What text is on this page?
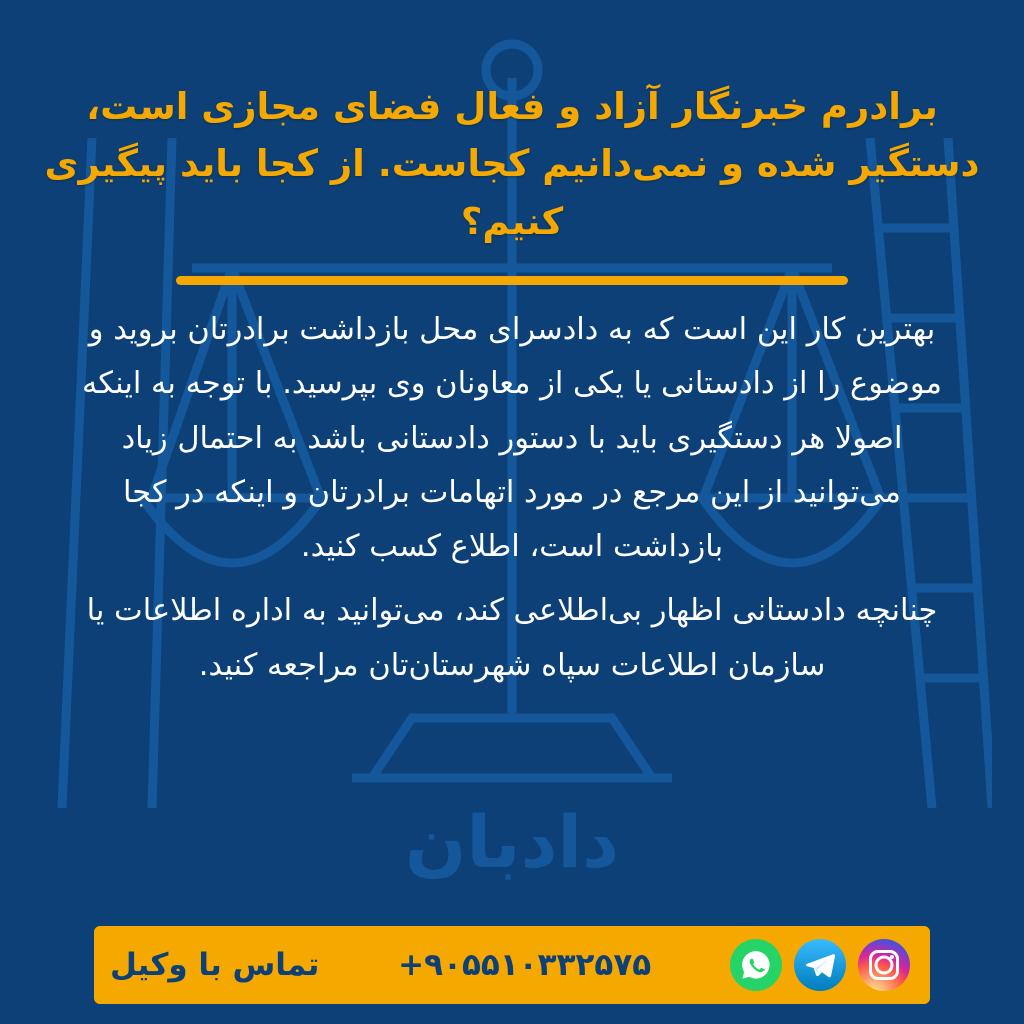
دادبان
برادرم خبرنگار آزاد و فعال فضای مجازی است، دستگیر شده و نمی‌دانیم کجاست. از کجا باید پیگیری کنیم؟

بهترین کار این است که به دادسرای محل بازداشت برادرتان بروید و موضوع را از دادستانی یا یکی از معاونان وی بپرسید. با توجه به اینکه اصولا هر دستگیری باید با دستور دادستانی باشد به احتمال زیاد می‌توانید از این مرجع در مورد اتهامات برادرتان و اینکه در کجا بازداشت است، اطلاع کسب کنید.

چنانچه دادستانی اظهار بی‌اطلاعی کند، می‌توانید به اداره اطلاعات یا سازمان اطلاعات سپاه شهرستان‌تان مراجعه کنید.

+۹۰۵۵۱۰۳۳۲۵۷۵
تماس با وکیل
